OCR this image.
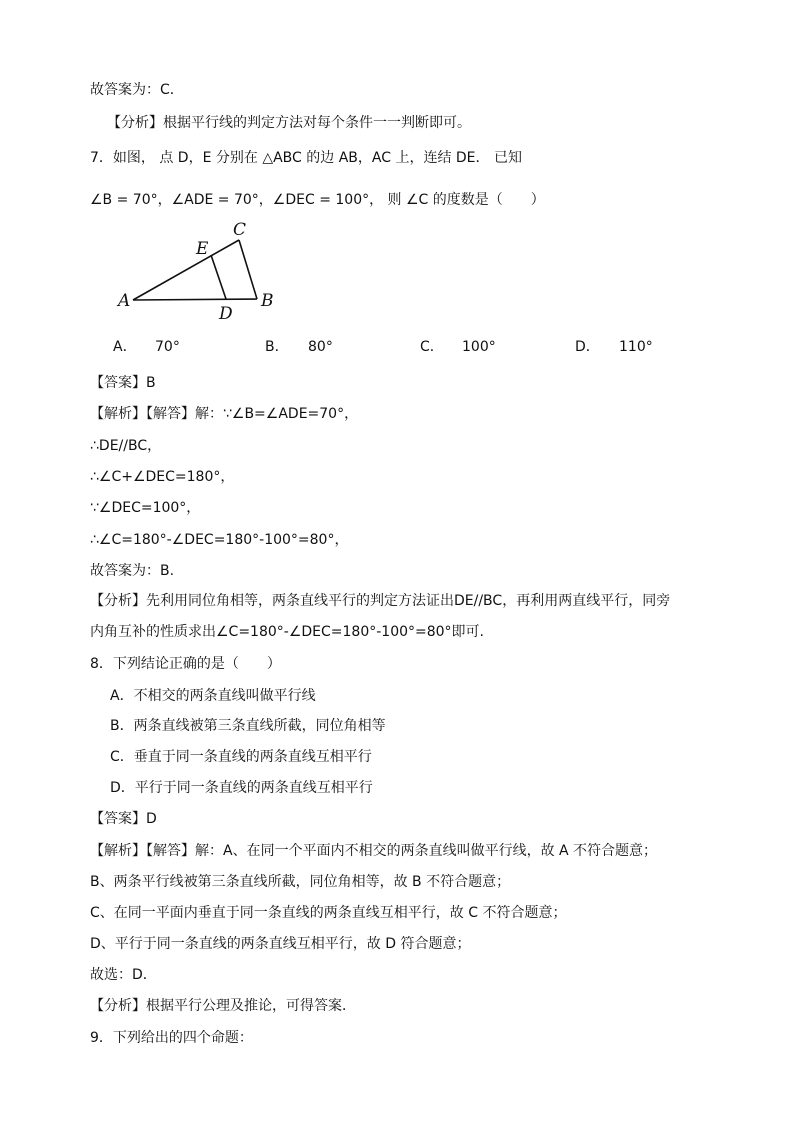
故答案为：C．
【分析】根据平行线的判定方法对每个条件一一判断即可。
7．如图， 点 D，E 分别在 △ABC 的边 AB，AC 上，连结 DE． 已知
∠B = 70°，∠ADE = 70°，∠DEC = 100°， 则 ∠C 的度数是（　　）
A	B
C
D
E
A． 70°	B． 80°	C． 100°	D． 110°
【答案】B
【解析】【解答】解：∵∠B=∠ADE=70°，
∴DE//BC，
∴∠C+∠DEC=180°，
∵∠DEC=100°，
∴∠C=180°-∠DEC=180°-100°=80°，
故答案为：B.
【分析】先利用同位角相等，两条直线平行的判定方法证出DE//BC，再利用两直线平行，同旁
内角互补的性质求出∠C=180°-∠DEC=180°-100°=80°即可.
8．下列结论正确的是（　　）
A．不相交的两条直线叫做平行线
B．两条直线被第三条直线所截，同位角相等
C．垂直于同一条直线的两条直线互相平行
D．平行于同一条直线的两条直线互相平行
【答案】D
【解析】【解答】解：A、在同一个平面内不相交的两条直线叫做平行线，故 A 不符合题意；
B、两条平行线被第三条直线所截，同位角相等，故 B 不符合题意；
C、在同一平面内垂直于同一条直线的两条直线互相平行，故 C 不符合题意；
D、平行于同一条直线的两条直线互相平行，故 D 符合题意；
故选：D．
【分析】根据平行公理及推论，可得答案．
9．下列给出的四个命题：
